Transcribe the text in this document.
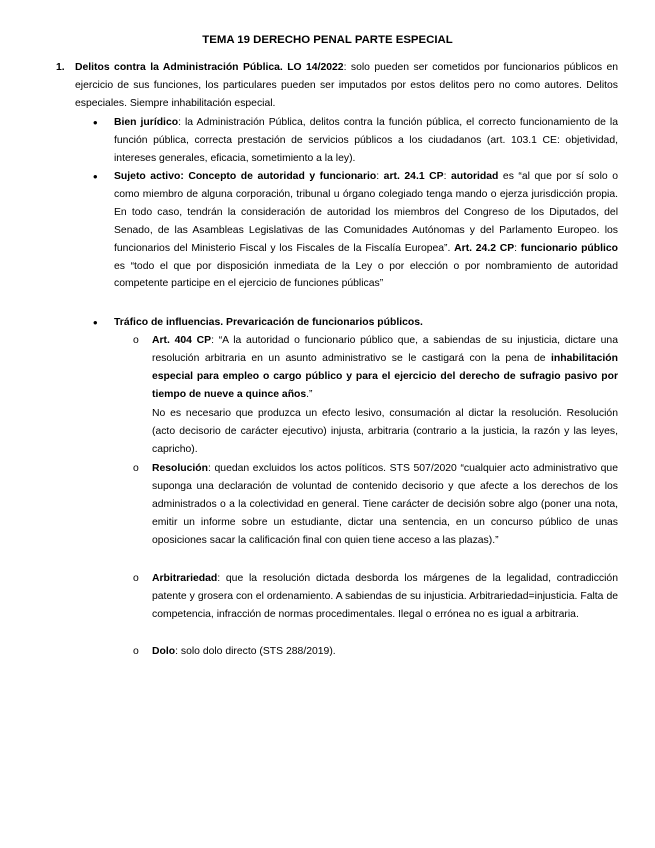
TEMA 19 DERECHO PENAL PARTE ESPECIAL
1. Delitos contra la Administración Pública. LO 14/2022: solo pueden ser cometidos por funcionarios públicos en ejercicio de sus funciones, los particulares pueden ser imputados por estos delitos pero no como autores. Delitos especiales. Siempre inhabilitación especial.
• Bien jurídico: la Administración Pública, delitos contra la función pública, el correcto funcionamiento de la función pública, correcta prestación de servicios públicos a los ciudadanos (art. 103.1 CE: objetividad, intereses generales, eficacia, sometimiento a la ley).
• Sujeto activo: Concepto de autoridad y funcionario: art. 24.1 CP: autoridad es “al que por sí solo o como miembro de alguna corporación, tribunal u órgano colegiado tenga mando o ejerza jurisdicción propia. En todo caso, tendrán la consideración de autoridad los miembros del Congreso de los Diputados, del Senado, de las Asambleas Legislativas de las Comunidades Autónomas y del Parlamento Europeo. los funcionarios del Ministerio Fiscal y los Fiscales de la Fiscalía Europea”. Art. 24.2 CP: funcionario público es “todo el que por disposición inmediata de la Ley o por elección o por nombramiento de autoridad competente participe en el ejercicio de funciones públicas”
• Tráfico de influencias. Prevaricación de funcionarios públicos.
o Art. 404 CP: “A la autoridad o funcionario público que, a sabiendas de su injusticia, dictare una resolución arbitraria en un asunto administrativo se le castigará con la pena de inhabilitación especial para empleo o cargo público y para el ejercicio del derecho de sufragio pasivo por tiempo de nueve a quince años.”
No es necesario que produzca un efecto lesivo, consumación al dictar la resolución. Resolución (acto decisorio de carácter ejecutivo) injusta, arbitraria (contrario a la justicia, la razón y las leyes, capricho).
o Resolución: quedan excluidos los actos políticos. STS 507/2020 “cualquier acto administrativo que suponga una declaración de voluntad de contenido decisorio y que afecte a los derechos de los administrados o a la colectividad en general. Tiene carácter de decisión sobre algo (poner una nota, emitir un informe sobre un estudiante, dictar una sentencia, en un concurso público de unas oposiciones sacar la calificación final con quien tiene acceso a las plazas).”
o Arbitrariedad: que la resolución dictada desborda los márgenes de la legalidad, contradicción patente y grosera con el ordenamiento. A sabiendas de su injusticia. Arbitrariedad=injusticia. Falta de competencia, infracción de normas procedimentales. Ilegal o errónea no es igual a arbitraria.
o Dolo: solo dolo directo (STS 288/2019).
